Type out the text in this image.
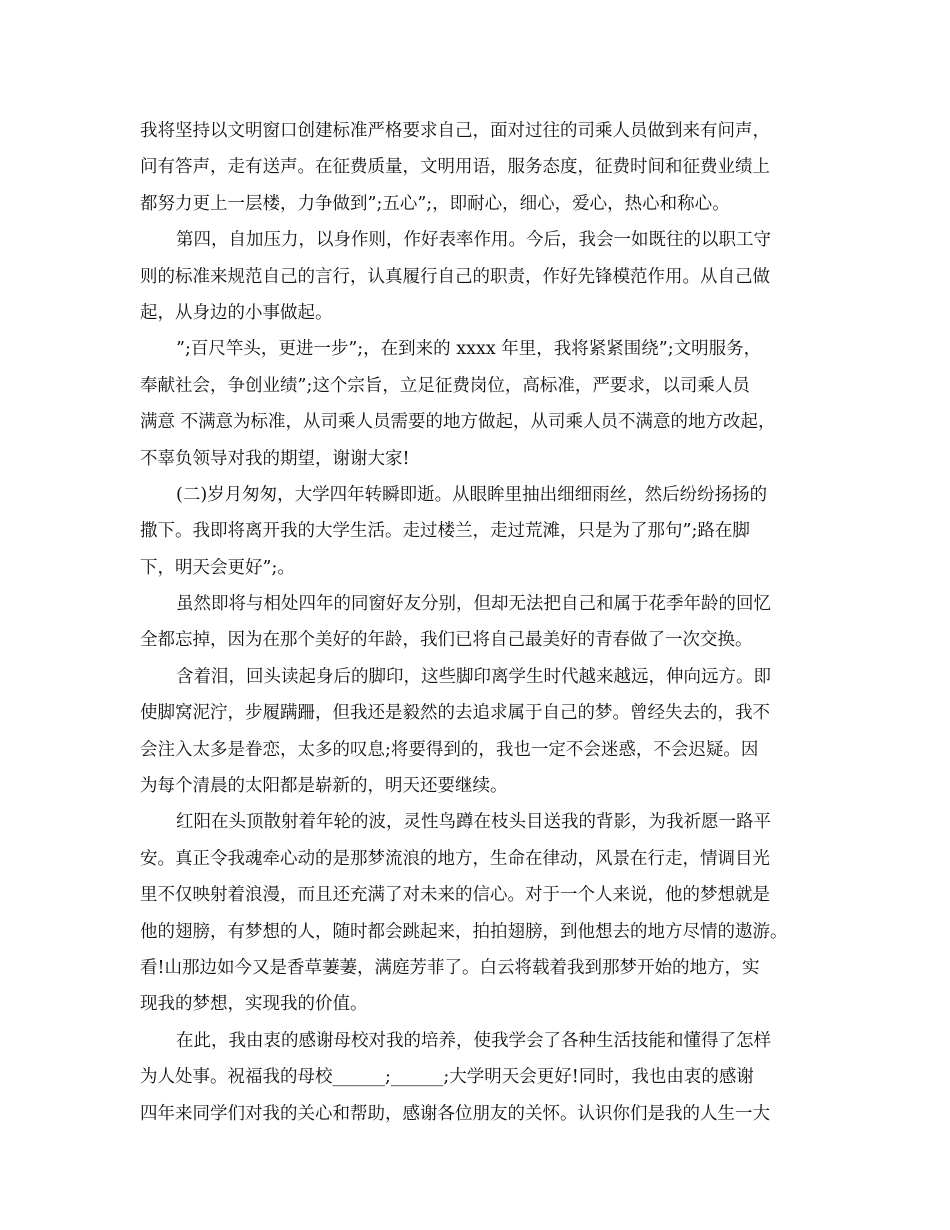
我将坚持以文明窗口创建标准严格要求自己，面对过往的司乘人员做到来有问声，
问有答声，走有送声。在征费质量，文明用语，服务态度，征费时间和征费业绩上
都努力更上一层楼，力争做到”;五心”;，即耐心，细心，爱心，热心和称心。
第四，自加压力，以身作则，作好表率作用。今后，我会一如既往的以职工守
则的标准来规范自己的言行，认真履行自己的职责，作好先锋模范作用。从自己做
起，从身边的小事做起。
”;百尺竿头，更进一步”;，在到来的 xxxx 年里，我将紧紧围绕”;文明服务，
奉献社会，争创业绩”;这个宗旨，立足征费岗位，高标准，严要求，以司乘人员
满意 不满意为标准，从司乘人员需要的地方做起，从司乘人员不满意的地方改起，
不辜负领导对我的期望，谢谢大家!
(二)岁月匆匆，大学四年转瞬即逝。从眼眸里抽出细细雨丝，然后纷纷扬扬的
撒下。我即将离开我的大学生活。走过楼兰，走过荒滩，只是为了那句”;路在脚
下，明天会更好”;。
虽然即将与相处四年的同窗好友分别，但却无法把自己和属于花季年龄的回忆
全都忘掉，因为在那个美好的年龄，我们已将自己最美好的青春做了一次交换。
含着泪，回头读起身后的脚印，这些脚印离学生时代越来越远，伸向远方。即
使脚窝泥泞，步履蹒跚，但我还是毅然的去追求属于自己的梦。曾经失去的，我不
会注入太多是眷恋，太多的叹息;将要得到的，我也一定不会迷惑，不会迟疑。因
为每个清晨的太阳都是崭新的，明天还要继续。
红阳在头顶散射着年轮的波，灵性鸟蹲在枝头目送我的背影，为我祈愿一路平
安。真正令我魂牵心动的是那梦流浪的地方，生命在律动，风景在行走，情调目光
里不仅映射着浪漫，而且还充满了对未来的信心。对于一个人来说，他的梦想就是
他的翅膀，有梦想的人，随时都会跳起来，拍拍翅膀，到他想去的地方尽情的遨游。
看!山那边如今又是香草萋萋，满庭芳菲了。白云将载着我到那梦开始的地方，实
现我的梦想，实现我的价值。
在此，我由衷的感谢母校对我的培养，使我学会了各种生活技能和懂得了怎样
为人处事。祝福我的母校______;______;大学明天会更好!同时，我也由衷的感谢
四年来同学们对我的关心和帮助，感谢各位朋友的关怀。认识你们是我的人生一大
